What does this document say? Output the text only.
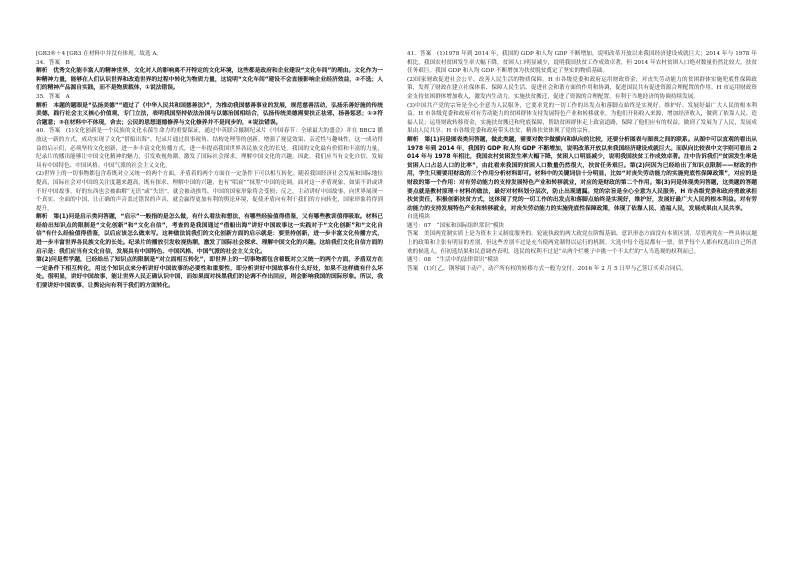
[GB3®＋4 [GB3 在材料中并没有体现。故选 A。

34．答案　B

解析　优秀文化能丰富人的精神世界，文化对人的影响离不开特定的文化环境，这些都是政府和企业建设“文化车间”的理由。文化作为一种精神力量，能够在人们认识世界和改造世界的过程中转化为物质力量，这说明“文化车间”建设不会直接影响企业经济效益，②不选；人们的精神产品源自实践，而不是物质载体，①说法错误。

35．答案　A

解析　本题的题眼是“弘扬美德”“通过了《中华人民共和国慈善法》”，为推动我国慈善事业的发展，规范慈善活动，弘扬乐善好施的传统美德，践行社会主义核心价值观，专门立法，表明我国坚持依法治国与以德治国相结合，弘扬传统美德需要扶正祛邪，扬善惩恶；①②符合题意；③在材料中不体现，舍去；公民的思想道德修养与文化修养并不是同步的，④说法错误。

40．答案　(1)文化创新是一个民族的文化永葆生命力的重要保证，通过中英联合摄制纪录片《中国春节：全球最大的盛会》并在 BBC2 播放这一新的方式，成功实现了文化“借船出海”。纪录片通过叙事视角、结构处理等的创新，增强了视觉效果、亲近性与趣味性，这一成功得益的启示们，必须坚持文化创新，进一步丰富文化传播方式，进一步提高我国世界各民族文化的长处。我国的文化最有价值和丰富的力量，纪录片的播出能够让中国文化精神的魅力，引发收视热潮，激发了国际社会探求，理解中国文化的兴趣。因此，我们应当有文化自信，发展具有中国特色、中国风格、中国气派的社会主义文化。

(2)世界上的一切事物都包含着既对立又统一的两个方面，矛盾着的两个方面在一定条件下可以相互转化。随着我国经济社会发展和国际地位提高，国际社会对中国的关注度越来越高，既有探求、理解中国的兴趣，也有“唱衰”“抹黑”中国的论调，面对这一矛盾现象，如果不讲或讲不好中国故事，好的东西也会被曲解“无语”或“失语”，就会被动挨骂。中国的国家形象将会受损；反之，主动讲好中国故事，向世界展现一个真实、全面的中国，让正确的声音盖过错误的声音，就会赢得更加有利的舆论环境，促使矛盾向有利于我们的方向转化，国家形象将得到提升。

解析　第(1)问是启示类问答题，“启示”一般指的是怎么做，有什么看法和想法，有哪些经验值得借鉴，又有哪些教训值得吸取。材料已经给出知识点的限制是“文化创新”和“文化自信”，考查的是我国通过“借船出海”讲好中国故事这一实践对于“文化创新”和“文化自信”有什么经验值得借鉴，以后应该怎么做来写。这种做法说我们的文化创新方面的启示就是：要坚持创新，进一步丰富文化传播方式，进一步丰富世界各民族文化的长处。纪录片的播放引发收视热潮，激发了国际社会探求、理解中国文化的兴趣。这给我们文化自信方面的启示是：我们应当有文化自信，发展具有中国特色、中国风格、中国气派的社会主义文化。

第(2)问是哲学题，已经给出了知识点的限制是“对立面相互转化”，即世界上的一切事物都包含着既对立又统一的两个方面，矛盾双方在一定条件下相互转化，用这个知识点来分析讲好中国故事的必要性和重要性，即分析讲好中国故事有什么好处，如果不这样做有什么坏处。很明显，讲好中国故事，能让世界人民正确认识中国，而如果面对抹黑我们的论调不作出回应，则会影响我国的国际形象。所以，我们要讲好中国故事，让舆论向有利于我们的方面转化。

41．答案　(1)1978 年到 2014 年，我国的 GDP 和人均 GDP 不断增加，说明改革开放以来我国经济建设成就巨大；2014 年与 1978 年相比，我国农村贫困发生率大幅下降，贫困人口明显减少，说明我国扶贫工作成效卓著，但 2014 年农村贫困人口绝对数量仍然比较大，扶贫任务艰巨。我国 GDP 和人均 GDP 不断增加为扶贫脱贫奠定了坚实的物质基础。

(2)国家财政促进社会公平、改善人民生活的物质保障。H 市各级党委和政府运用财政资金，对丧失劳动能力的贫困群体实施兜底性保障政策，发挥了财政在建立社保体系、保障人民生活、促进社会和谐方面的作用和协调，促进国民共有促进资源合理配置的作用。H 市运用财政资金支持贫困群体增加收入，激发内生动力，实施扶贫搬迁，促进了资源的合理配置，有利于当地经济的协调持续发展。

(3)中国共产党的宗旨是全心全意为人民服务，它要求党的一切工作的出发点和落脚点始终是实现好、维护好、发展好最广大人民的根本利益。H 市各级党委和政府对有劳动能力的贫困群体支持发展特色产业和转移就业，为他们开拓收入来源，增加经济收入，做到了依靠人民、造福人民；运用财政转移资金，实施扶贫搬迁和兜底保障，帮助贫困群体走上致富道路，保障了他们应有的权益，做到了发展为了人民，发展成果由人民共享。H 市各级党委和政府带头扶贫，精准扶贫体现了党的宗旨。

解析　第(1)问是图表类问答题，做此类题，需要对数字做横向和纵向的比较，还要分析图表与图表之间的联系。从图中可以直观的看出从 1978 年到 2014 年，我国的 GDP 和人均 GDP 不断增加，说明改革开放以来我国经济建设成就巨大。而纵向比较表中文字则可看出 2014 年与 1978 年相比，我国农村贫困发生率大幅下降，贫困人口明显减少，说明我国扶贫工作成效卓著。注中告诉我们“贫困发生率是贫困人口占总人口的比率”，由此看来我国的贫困人口数量仍然很大，扶贫任务艰巨。第(2)问因为已经给出了知识点限制——财政的作用，学生只需要用财政的三个作用分析材料即可。材料中的关键词信十分明显，比如“对丧失劳动能力的实施兜底性保障政策”，对应的是财政的第一个作用：对有劳动能力的支持发展特色产业和转移就业，对应的是财政的第二个作用。第(3)问是体现类问答题，这类题的答题要点就是教材原理＋材料的做法，最好对材料划分层次，防止出现遗漏。党的宗旨是全心全意为人民服务，H 市各级党委和政府勇敢承担扶贫责任，积极创新扶贫方式，这体现了党的一切工作的出发点和落脚点始终是实现好，维护好，发展好最广大人民的根本利益。对有劳动能力的支持发展特色产业和转移就业，对丧失劳动能力的实施兜底性保障政策，体现了依靠人民、造福人民，发展成果由人民共享。

自选模块

题号：07　“国家和国际组织常识”模块

答案　美国两党制实质上是为资本主义制度服务的。轮流执政的两大政党在阶级基础、意识形态方面没有本质区别，尽管两党在一些具体议题上的政策和主张有明显的差别，但这些差别不过是充当使两党制得以运行的机制。大选中每个选民都有一票，似乎每个人都有权选出自己所喜欢的候选人，但初选结果和民意调查表明，选民的权利不过是“从两个烂桃子中挑一个不太烂的”人当选观的权利而已。

题号：08　“生活中的法律常识”模块

答案　(1)红乙、钢琴属于动产，动产所有权的转移方式一般为交付。2016 年 2 月 5 日甲与乙签订买卖合同后，
